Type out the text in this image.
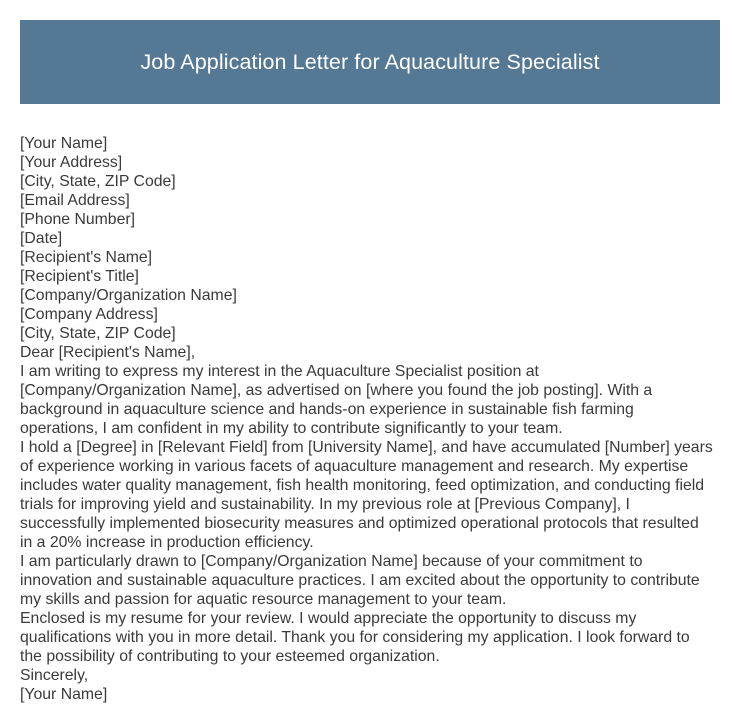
Job Application Letter for Aquaculture Specialist
[Your Name]
[Your Address]
[City, State, ZIP Code]
[Email Address]
[Phone Number]
[Date]
[Recipient's Name]
[Recipient's Title]
[Company/Organization Name]
[Company Address]
[City, State, ZIP Code]
Dear [Recipient's Name],
I am writing to express my interest in the Aquaculture Specialist position at
[Company/Organization Name], as advertised on [where you found the job posting]. With a
background in aquaculture science and hands-on experience in sustainable fish farming
operations, I am confident in my ability to contribute significantly to your team.
I hold a [Degree] in [Relevant Field] from [University Name], and have accumulated [Number] years
of experience working in various facets of aquaculture management and research. My expertise
includes water quality management, fish health monitoring, feed optimization, and conducting field
trials for improving yield and sustainability. In my previous role at [Previous Company], I
successfully implemented biosecurity measures and optimized operational protocols that resulted
in a 20% increase in production efficiency.
I am particularly drawn to [Company/Organization Name] because of your commitment to
innovation and sustainable aquaculture practices. I am excited about the opportunity to contribute
my skills and passion for aquatic resource management to your team.
Enclosed is my resume for your review. I would appreciate the opportunity to discuss my
qualifications with you in more detail. Thank you for considering my application. I look forward to
the possibility of contributing to your esteemed organization.
Sincerely,
[Your Name]
